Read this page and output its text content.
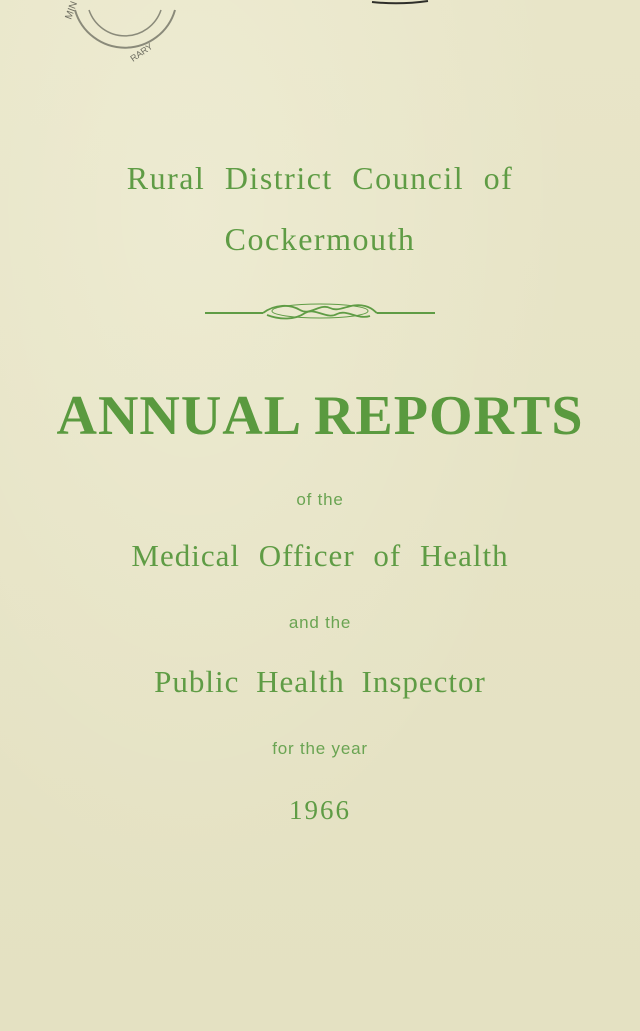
MIN
RARY

Rural District Council of

Cockermouth

ANNUAL REPORTS

of the

Medical Officer of Health

and the

Public Health Inspector

for the year

1966
